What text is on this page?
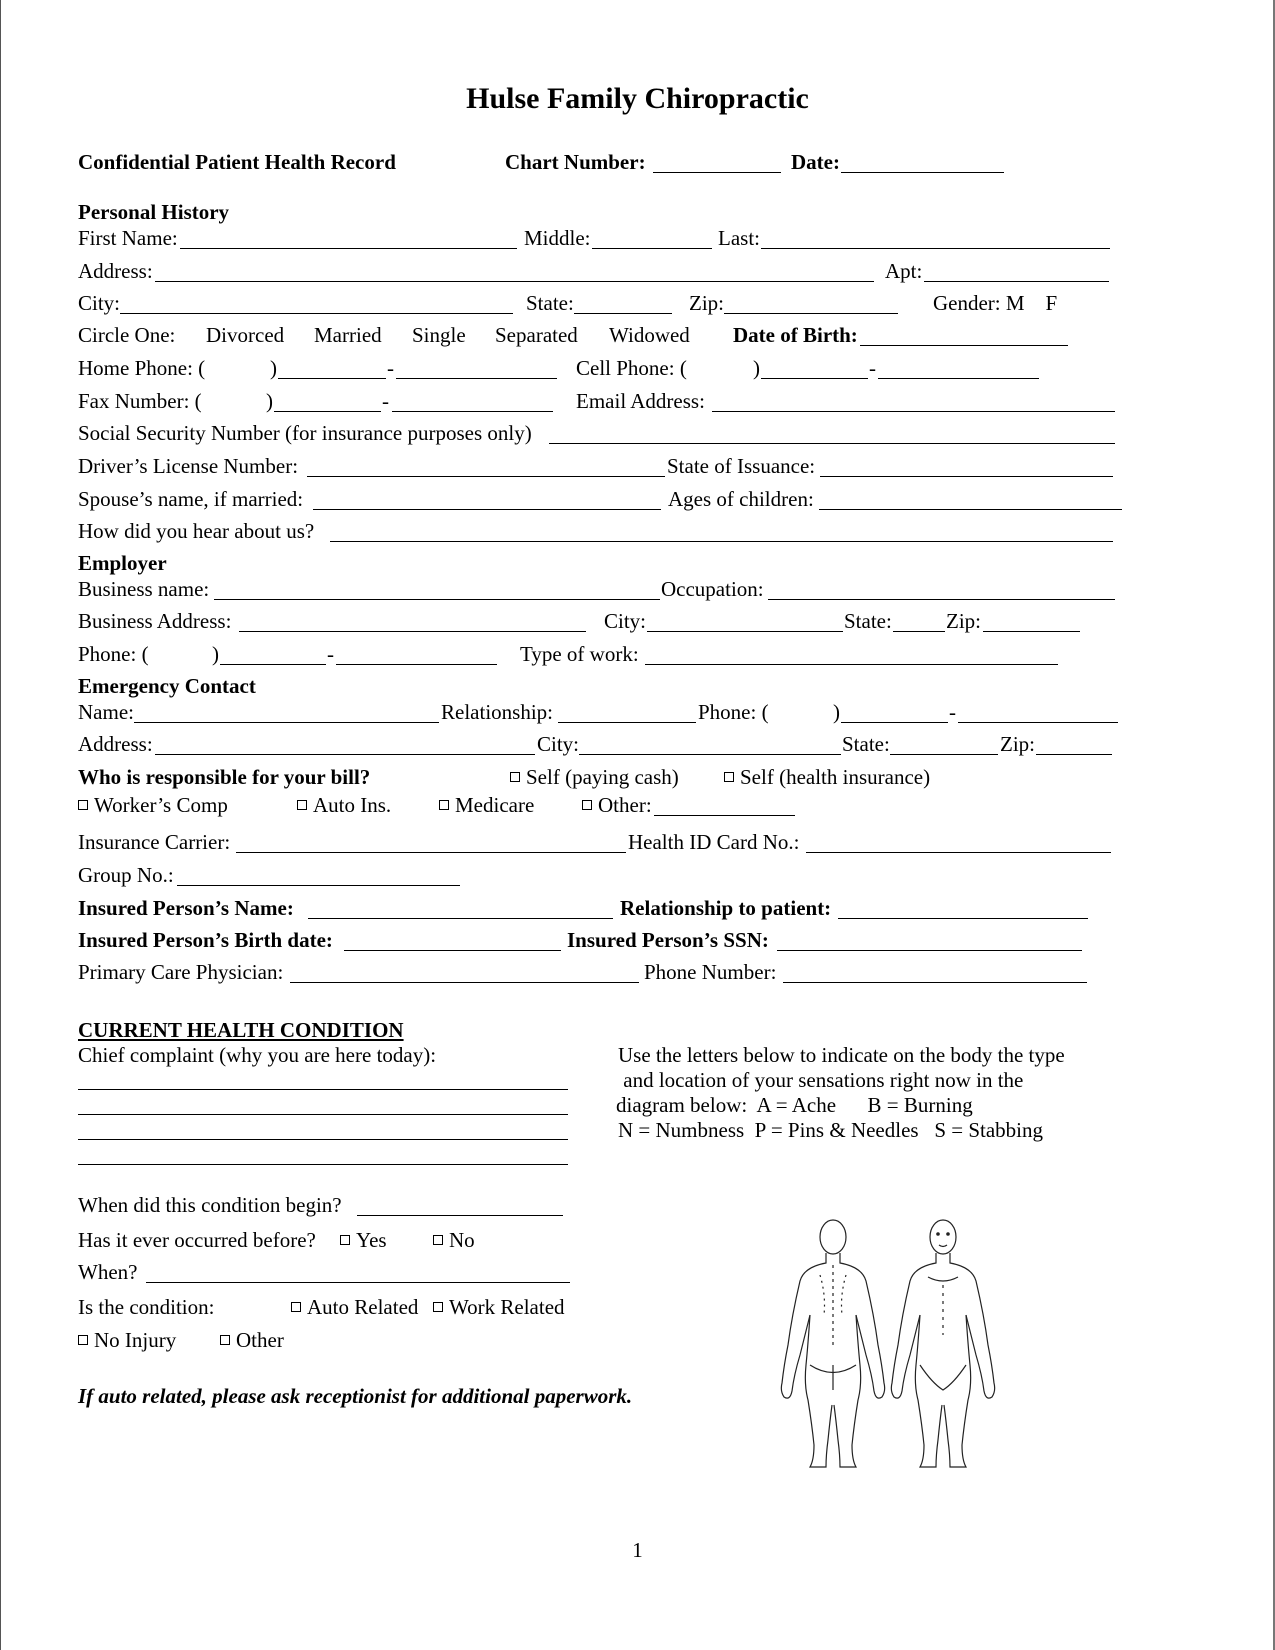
Hulse Family Chiropractic
Confidential Patient Health Record	Chart Number:	Date:
Personal History
First Name:	Middle:	Last:
Address:	Apt:
City:	State:	Zip:	Gender: M    F
Circle One: Divorced Married Single Separated Widowed Date of Birth:
Home Phone: (	)	-	Cell Phone: (	)	-
Fax Number: (	)	-	Email Address:
Social Security Number (for insurance purposes only)
Driver’s License Number:	State of Issuance:
Spouse’s name, if married:	Ages of children:
How did you hear about us?
Employer
Business name:	Occupation:
Business Address:	City:	State:	Zip:
Phone: (	)	-	Type of work:
Emergency Contact
Name:	Relationship:	Phone: (	)	-
Address:	City:	State:	Zip:
Who is responsible for your bill?	Self (paying cash)	Self (health insurance)
Worker’s Comp	Auto Ins.	Medicare	Other:
Insurance Carrier:	Health ID Card No.:
Group No.:
Insured Person’s Name:	Relationship to patient:
Insured Person’s Birth date:	Insured Person’s SSN:
Primary Care Physician:	Phone Number:
CURRENT HEALTH CONDITION
Chief complaint (why you are here today):	Use the letters below to indicate on the body the type
and location of your sensations right now in the
diagram below:  A = Ache      B = Burning
N = Numbness  P = Pins & Needles   S = Stabbing
When did this condition begin?
Has it ever occurred before?	Yes	No
When?
Is the condition:	Auto Related	Work Related
No Injury	Other
If auto related, please ask receptionist for additional paperwork.
1
